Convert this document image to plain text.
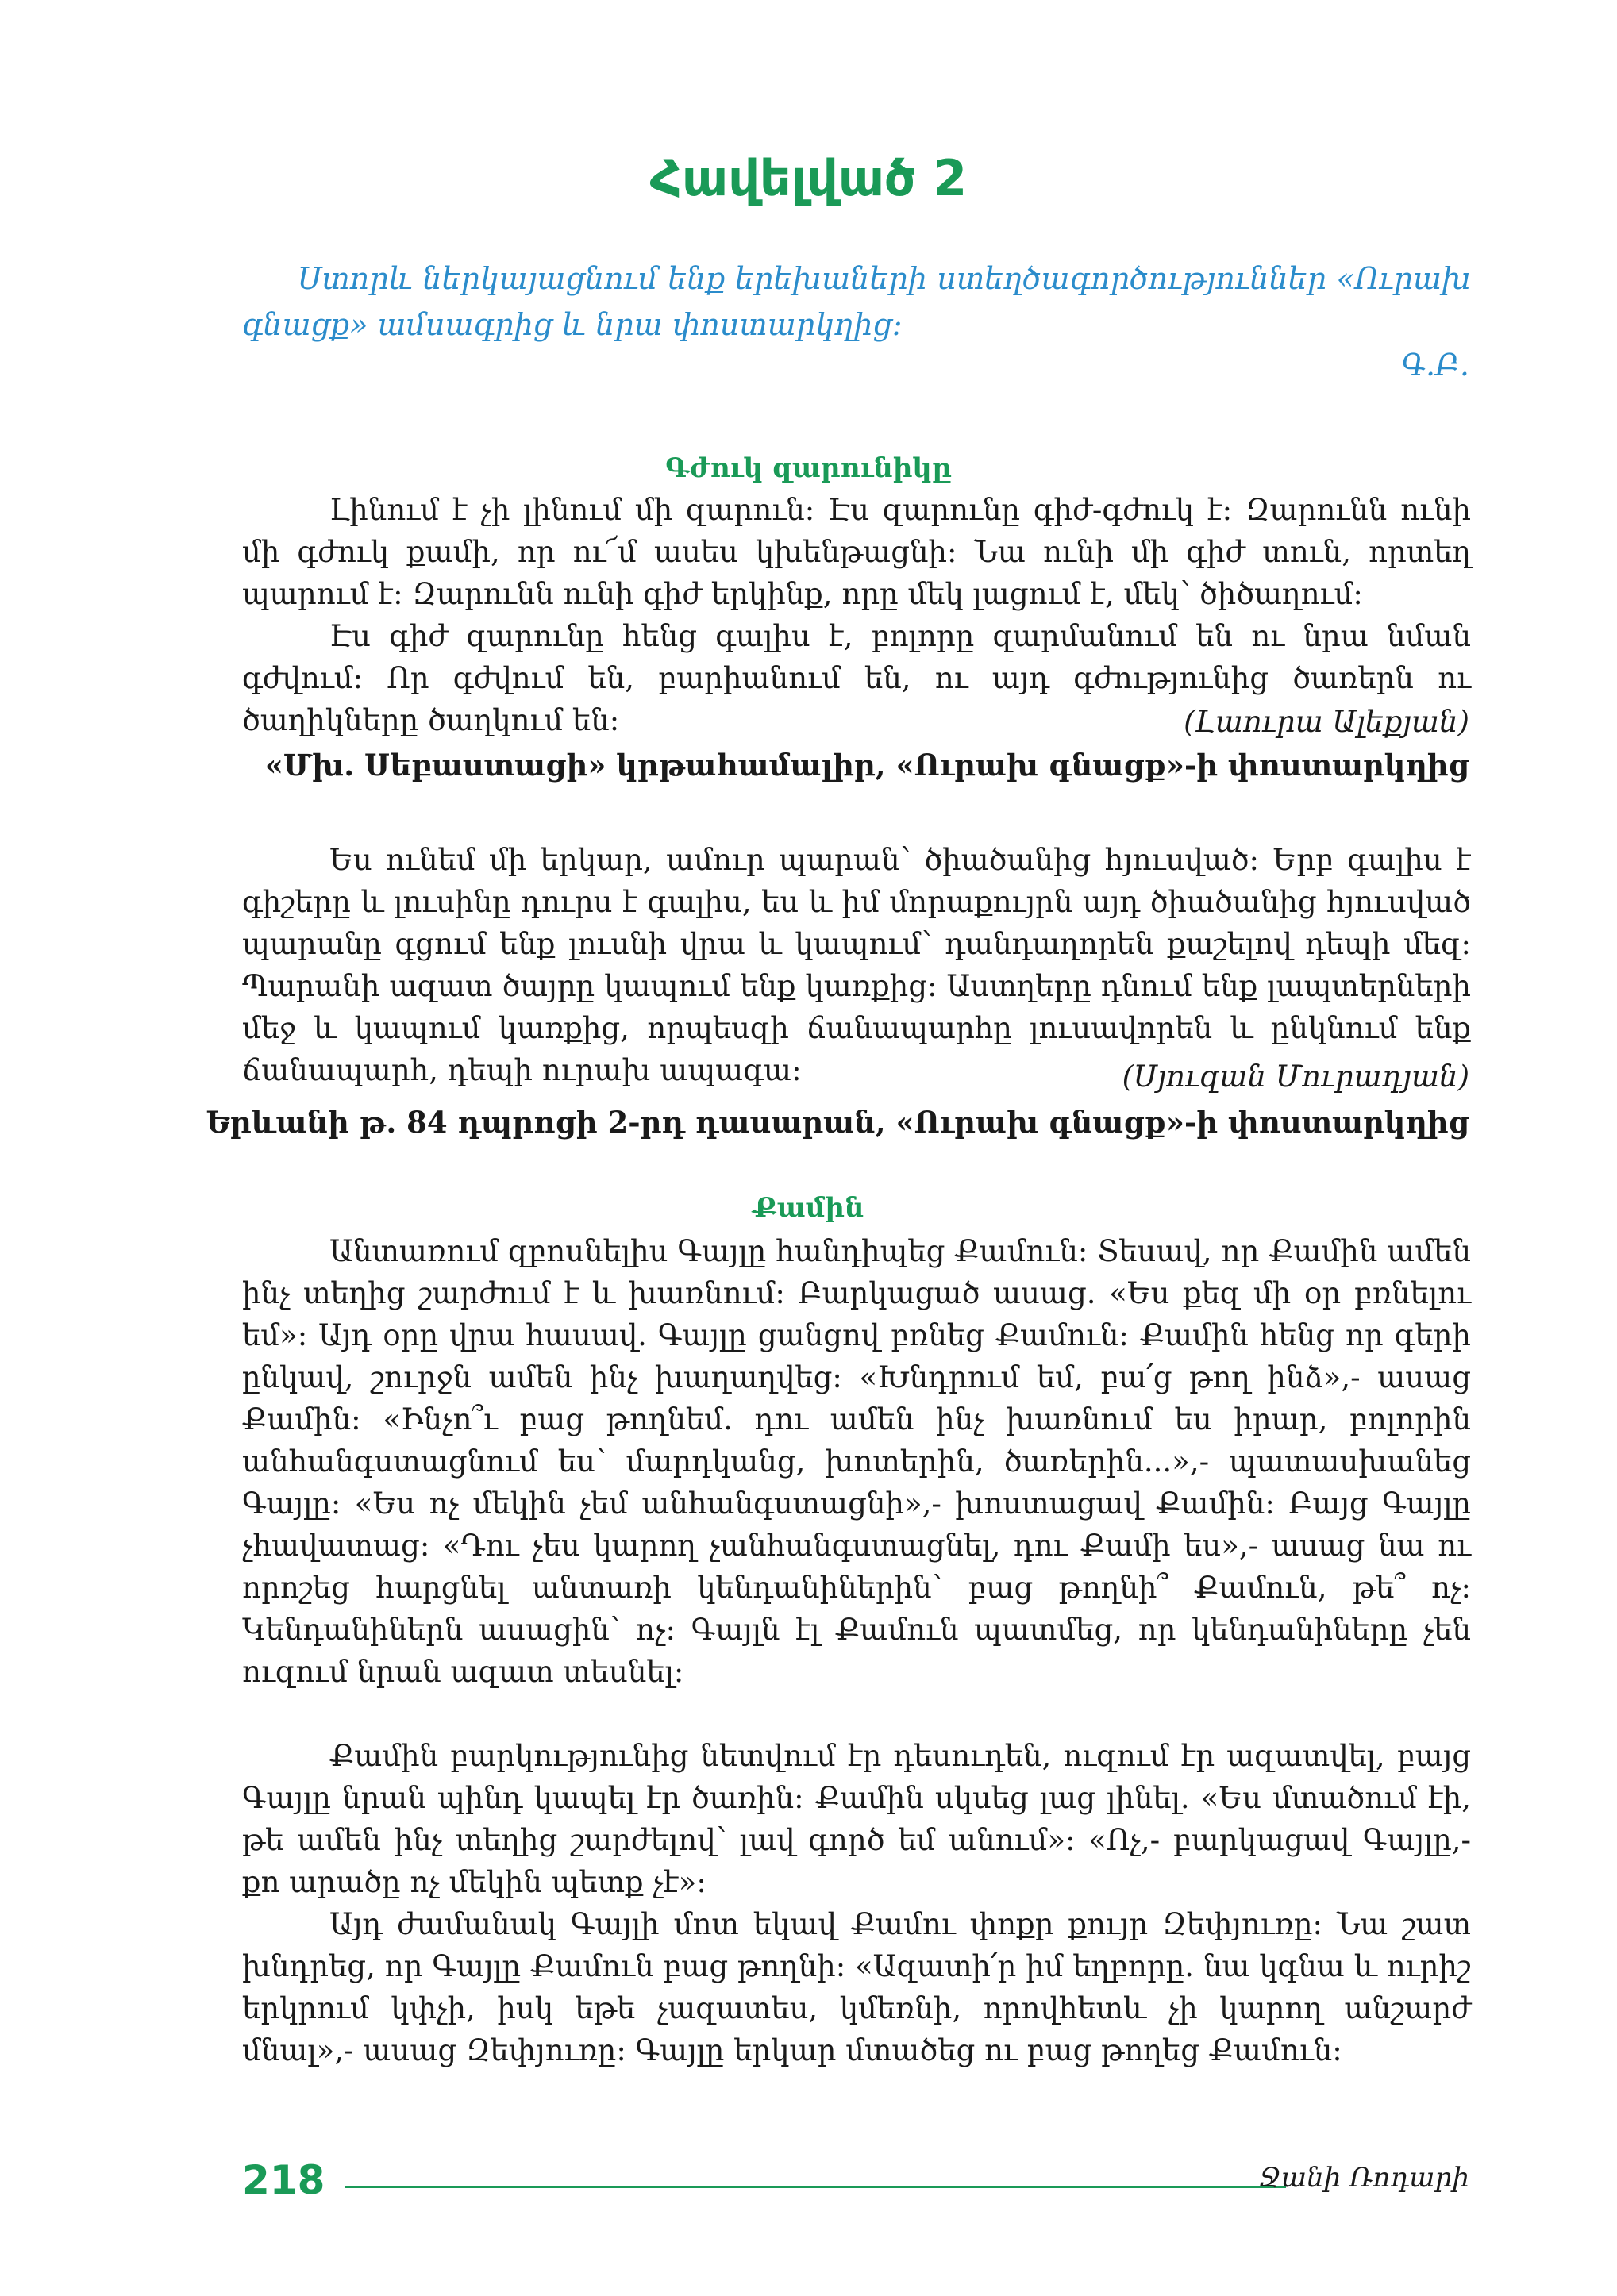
Հավելված 2

Ստորև ներկայացնում ենք երեխաների ստեղծագործություններ «Ուրախ գնացք» ամսագրից և նրա փոստարկղից:

Գ.Բ.
Գժուկ զարունիկը

Լինում է չի լինում մի զարուն: Էս զարունը գիժ-գժուկ է: Զարունն ունի մի գժուկ քամի, որ ու՜մ ասես կխենթացնի: Նա ունի մի գիժ տուն, որտեղ պարում է: Զարունն ունի գիժ երկինք, որը մեկ լացում է, մեկ՝ ծիծաղում:

Էս գիժ զարունը հենց գալիս է, բոլորը զարմանում են ու նրա նման գժվում: Որ գժվում են, բարիանում են, ու այդ գժությունից ծառերն ու ծաղիկները ծաղկում են:	(Լաուրա Ալեքյան)
«Մխ. Սեբաստացի» կրթահամալիր, «Ուրախ գնացք»-ի փոստարկղից

Ես ունեմ մի երկար, ամուր պարան՝ ծիածանից հյուսված: Երբ գալիս է գիշերը և լուսինը դուրս է գալիս, ես և իմ մորաքույրն այդ ծիածանից հյուսված պարանը գցում ենք լուսնի վրա և կապում՝ դանդաղորեն քաշելով դեպի մեզ: Պարանի ազատ ծայրը կապում ենք կառքից: Աստղերը դնում ենք լապտերների մեջ և կապում կառքից, որպեսզի ճանապարհը լուսավորեն և ընկնում ենք ճանապարհ, դեպի ուրախ ապագա:	(Սյուզան Մուրադյան)
Երևանի թ. 84 դպրոցի 2-րդ դասարան, «Ուրախ գնացք»-ի փոստարկղից
Քամին

Անտառում զբոսնելիս Գայլը հանդիպեց Քամուն: Տեսավ, որ Քամին ամեն ինչ տեղից շարժում է և խառնում: Բարկացած ասաց. «Ես քեզ մի օր բռնելու եմ»: Այդ օրը վրա հասավ. Գայլը ցանցով բռնեց Քամուն: Քամին հենց որ գերի ընկավ, շուրջն ամեն ինչ խաղաղվեց: «Խնդրում եմ, բա՛ց թող ինձ»,- ասաց Քամին: «Ինչո՞ւ բաց թողնեմ. դու ամեն ինչ խառնում ես իրար, բոլորին անհանգստացնում ես՝ մարդկանց, խոտերին, ծառերին...»,- պատասխանեց Գայլը: «Ես ոչ մեկին չեմ անհանգստացնի»,- խոստացավ Քամին: Բայց Գայլը չհավատաց: «Դու չես կարող չանհանգստացնել, դու Քամի ես»,- ասաց նա ու որոշեց հարցնել անտառի կենդանիներին՝ բաց թողնի՞ Քամուն, թե՞ ոչ: Կենդանիներն ասացին՝ ոչ: Գայլն էլ Քամուն պատմեց, որ կենդանիները չեն ուզում նրան ազատ տեսնել:

Քամին բարկությունից նետվում էր դեսուդեն, ուզում էր ազատվել, բայց Գայլը նրան պինդ կապել էր ծառին: Քամին սկսեց լաց լինել. «Ես մտածում էի, թե ամեն ինչ տեղից շարժելով՝ լավ գործ եմ անում»: «Ոչ,- բարկացավ Գայլը,- քո արածը ոչ մեկին պետք չէ»:

Այդ ժամանակ Գայլի մոտ եկավ Քամու փոքր քույր Զեփյուռը: Նա շատ խնդրեց, որ Գայլը Քամուն բաց թողնի: «Ազատի՛ր իմ եղբորը. նա կգնա և ուրիշ երկրում կփչի, իսկ եթե չազատես, կմեռնի, որովհետև չի կարող անշարժ մնալ»,- ասաց Զեփյուռը: Գայլը երկար մտածեց ու բաց թողեց Քամուն:

218	Ջանի Ռոդարի
